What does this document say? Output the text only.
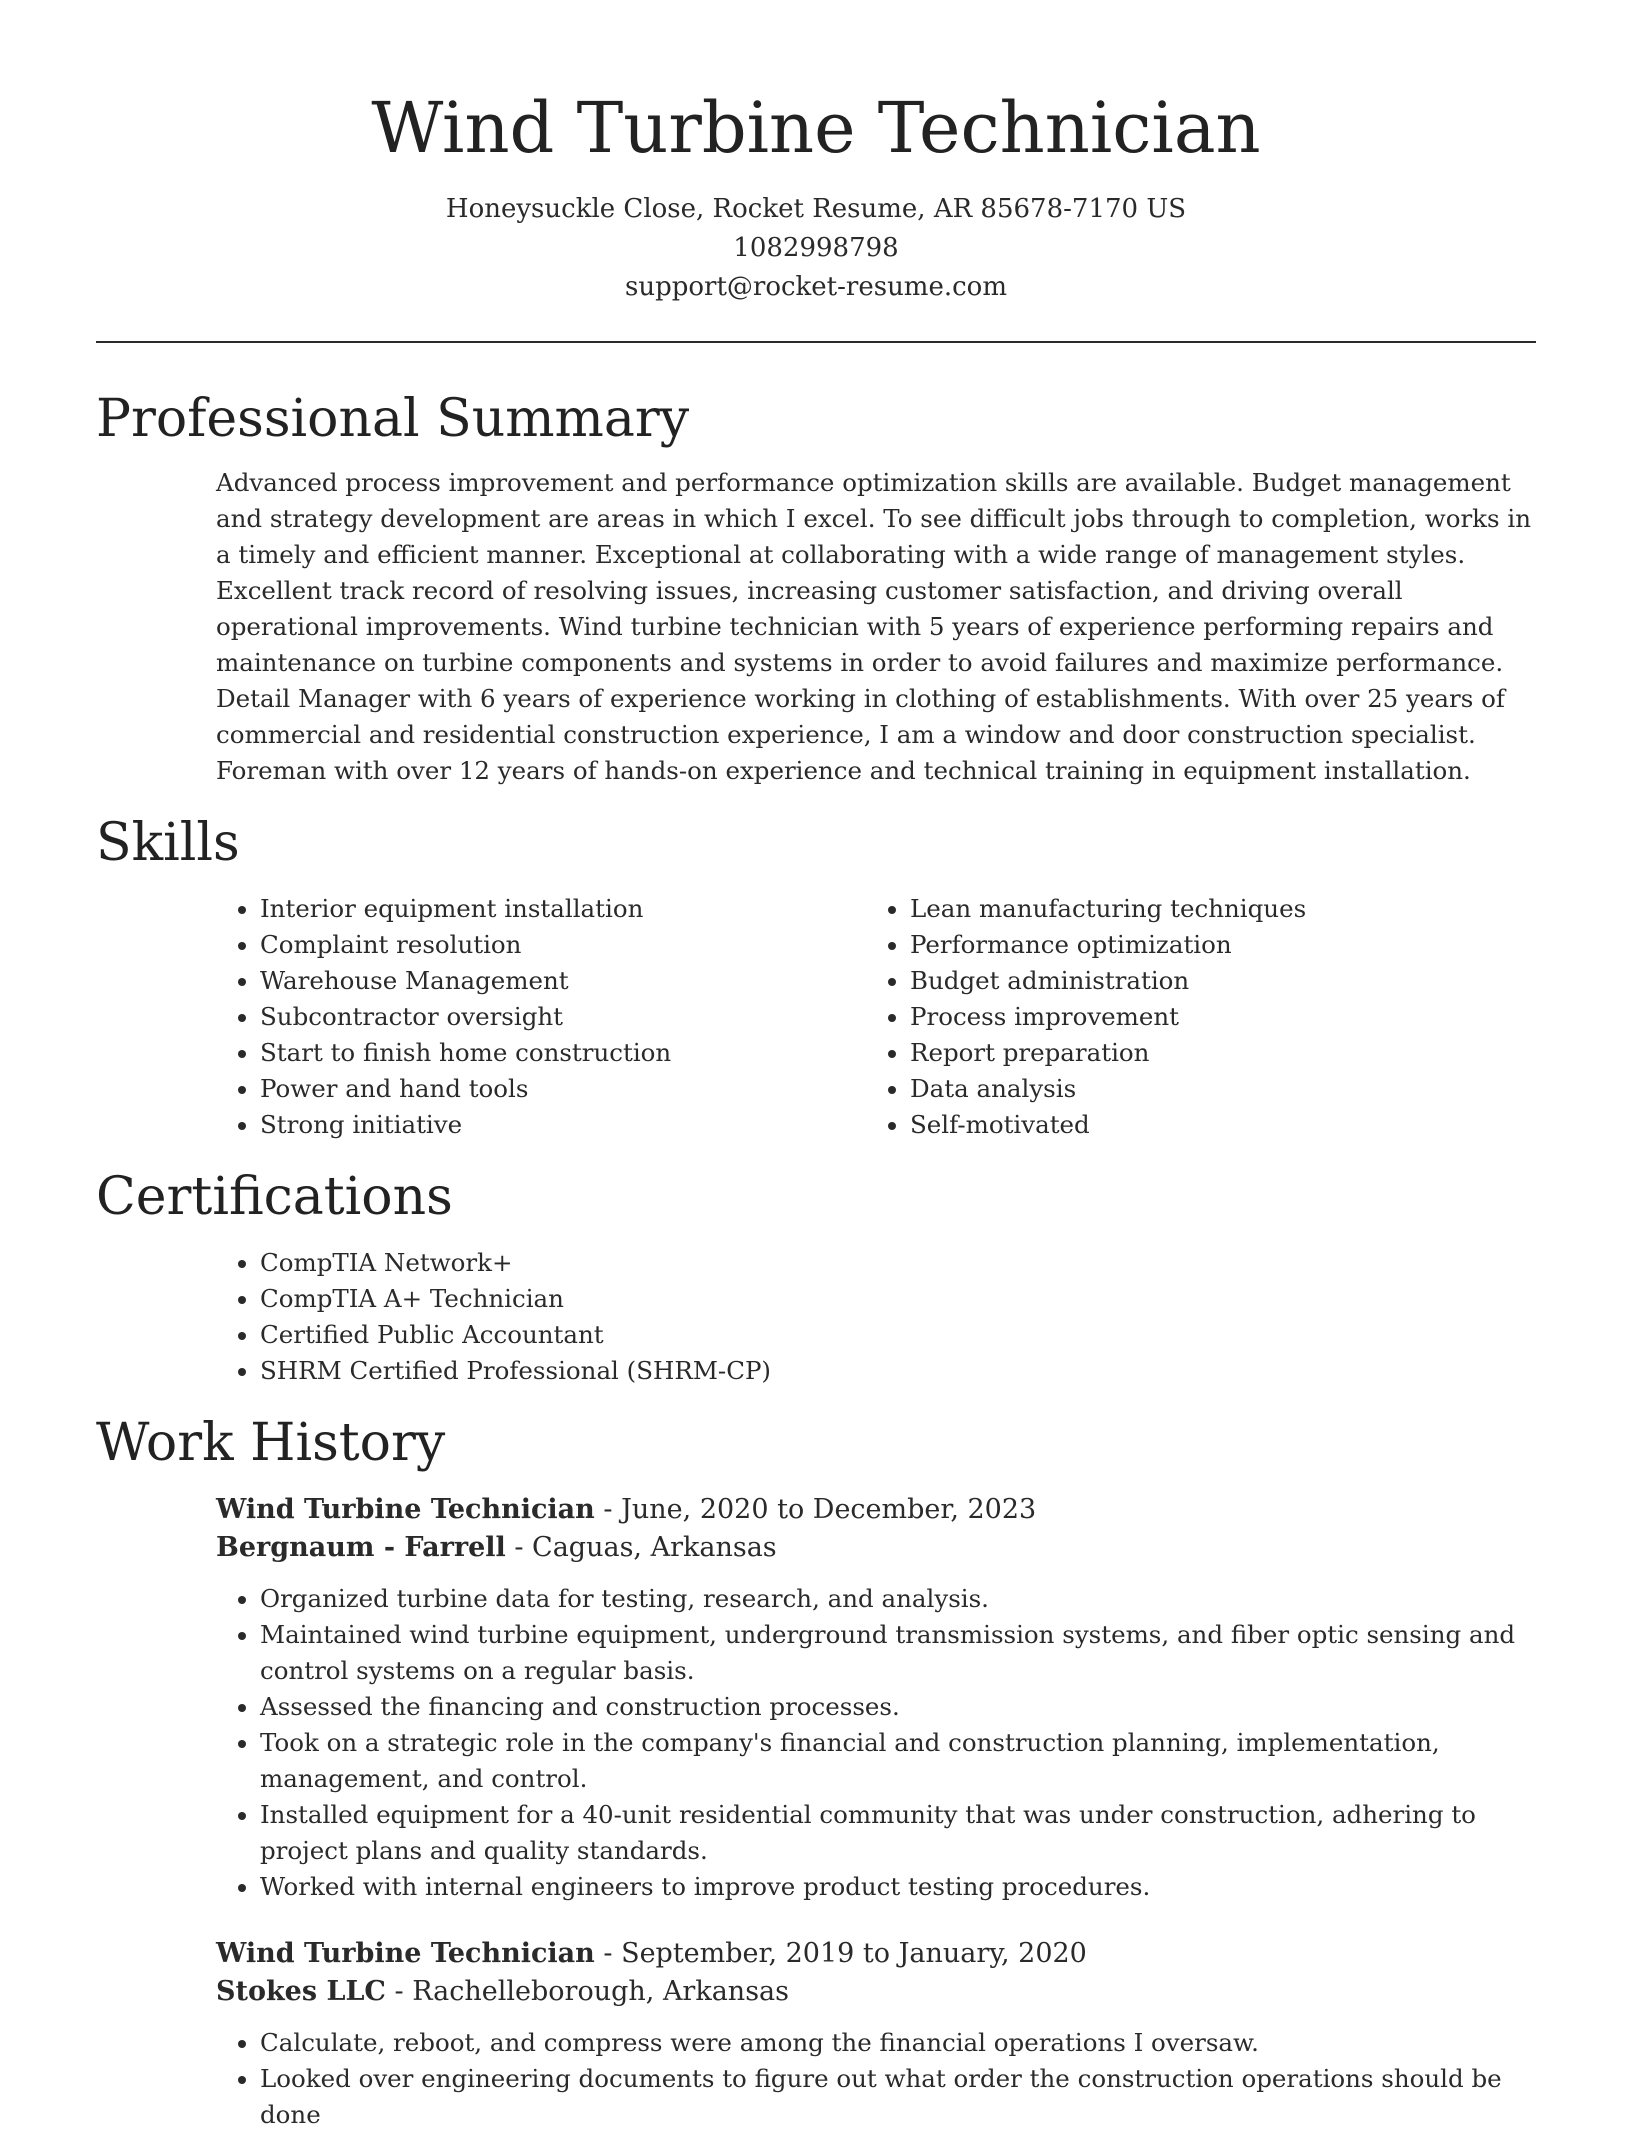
Wind Turbine Technician
Honeysuckle Close, Rocket Resume, AR 85678-7170 US
1082998798
support@rocket-resume.com
Professional Summary
Advanced process improvement and performance optimization skills are available. Budget management and strategy development are areas in which I excel. To see difficult jobs through to completion, works in a timely and efficient manner. Exceptional at collaborating with a wide range of management styles. Excellent track record of resolving issues, increasing customer satisfaction, and driving overall operational improvements. Wind turbine technician with 5 years of experience performing repairs and maintenance on turbine components and systems in order to avoid failures and maximize performance. Detail Manager with 6 years of experience working in clothing of establishments. With over 25 years of commercial and residential construction experience, I am a window and door construction specialist. Foreman with over 12 years of hands-on experience and technical training in equipment installation.
Skills
• Interior equipment installation
• Complaint resolution
• Warehouse Management
• Subcontractor oversight
• Start to finish home construction
• Power and hand tools
• Strong initiative
• Lean manufacturing techniques
• Performance optimization
• Budget administration
• Process improvement
• Report preparation
• Data analysis
• Self-motivated
Certifications
• CompTIA Network+
• CompTIA A+ Technician
• Certified Public Accountant
• SHRM Certified Professional (SHRM-CP)
Work History
Wind Turbine Technician - June, 2020 to December, 2023
Bergnaum - Farrell - Caguas, Arkansas
• Organized turbine data for testing, research, and analysis.
• Maintained wind turbine equipment, underground transmission systems, and fiber optic sensing and control systems on a regular basis.
• Assessed the financing and construction processes.
• Took on a strategic role in the company's financial and construction planning, implementation, management, and control.
• Installed equipment for a 40-unit residential community that was under construction, adhering to project plans and quality standards.
• Worked with internal engineers to improve product testing procedures.
Wind Turbine Technician - September, 2019 to January, 2020
Stokes LLC - Rachelleborough, Arkansas
• Calculate, reboot, and compress were among the financial operations I oversaw.
• Looked over engineering documents to figure out what order the construction operations should be done
